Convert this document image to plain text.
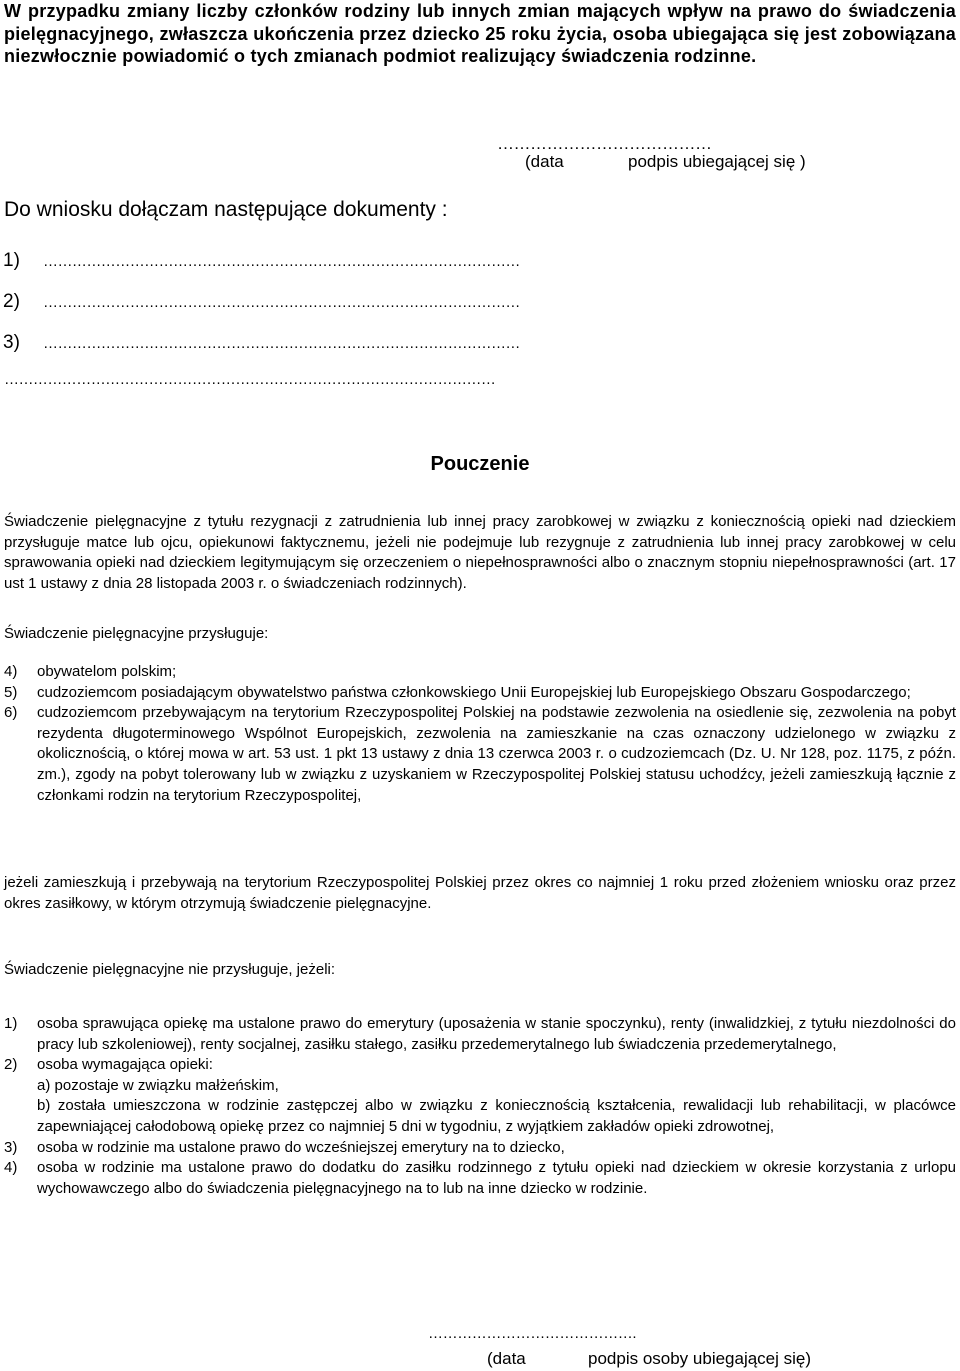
W przypadku zmiany liczby członków rodziny lub innych zmian mających wpływ na prawo do świadczenia pielęgnacyjnego, zwłaszcza ukończenia przez dziecko 25 roku życia, osoba ubiegająca się jest zobowiązana niezwłocznie powiadomić o tych zmianach podmiot realizujący świadczenia rodzinne.
…………………………………
(data	podpis ubiegającej się )
Do wniosku dołączam następujące dokumenty :
1) ………………………………………………………………………………………
2) ………………………………………………………………………………………
3) ………………………………………………………………………………………
…………………………………………………………………………………………
Pouczenie
Świadczenie pielęgnacyjne z tytułu rezygnacji z zatrudnienia lub innej pracy zarobkowej w związku z koniecznością opieki nad dzieckiem przysługuje matce lub ojcu, opiekunowi faktycznemu, jeżeli nie podejmuje lub rezygnuje z zatrudnienia lub innej pracy zarobkowej w celu sprawowania opieki nad dzieckiem legitymującym się orzeczeniem o niepełnosprawności albo o znacznym stopniu niepełnosprawności (art. 17 ust 1 ustawy z dnia 28 listopada 2003 r. o świadczeniach rodzinnych).
Świadczenie pielęgnacyjne przysługuje:
4) obywatelom polskim;
5) cudzoziemcom posiadającym obywatelstwo państwa członkowskiego Unii Europejskiej lub Europejskiego Obszaru Gospodarczego;
6) cudzoziemcom przebywającym na terytorium Rzeczypospolitej Polskiej na podstawie zezwolenia na osiedlenie się, zezwolenia na pobyt rezydenta długoterminowego Wspólnot Europejskich, zezwolenia na zamieszkanie na czas oznaczony udzielonego w związku z okolicznością, o której mowa w art. 53 ust. 1 pkt 13 ustawy z dnia 13 czerwca 2003 r. o cudzoziemcach (Dz. U. Nr 128, poz. 1175, z późn. zm.), zgody na pobyt tolerowany lub w związku z uzyskaniem w Rzeczypospolitej Polskiej statusu uchodźcy, jeżeli zamieszkują łącznie z członkami rodzin na terytorium Rzeczypospolitej,
jeżeli zamieszkują i przebywają na terytorium Rzeczypospolitej Polskiej przez okres co najmniej 1 roku przed złożeniem wniosku oraz przez okres zasiłkowy, w którym otrzymują świadczenie pielęgnacyjne.
Świadczenie pielęgnacyjne nie przysługuje, jeżeli:
1) osoba sprawująca opiekę ma ustalone prawo do emerytury (uposażenia w stanie spoczynku), renty (inwalidzkiej, z tytułu niezdolności do pracy lub szkoleniowej), renty socjalnej, zasiłku stałego, zasiłku przedemerytalnego lub świadczenia przedemerytalnego,
2) osoba wymagająca opieki:
a) pozostaje w związku małżeńskim,
b) została umieszczona w rodzinie zastępczej albo w związku z koniecznością kształcenia, rewalidacji lub rehabilitacji, w placówce zapewniającej całodobową opiekę przez co najmniej 5 dni w tygodniu, z wyjątkiem zakładów opieki zdrowotnej,
3) osoba w rodzinie ma ustalone prawo do wcześniejszej emerytury na to dziecko,
4) osoba w rodzinie ma ustalone prawo do dodatku do zasiłku rodzinnego z tytułu opieki nad dzieckiem w okresie korzystania z urlopu wychowawczego albo do świadczenia pielęgnacyjnego na to lub na inne dziecko w rodzinie.
…………………………………….
(data	podpis osoby ubiegającej się)
